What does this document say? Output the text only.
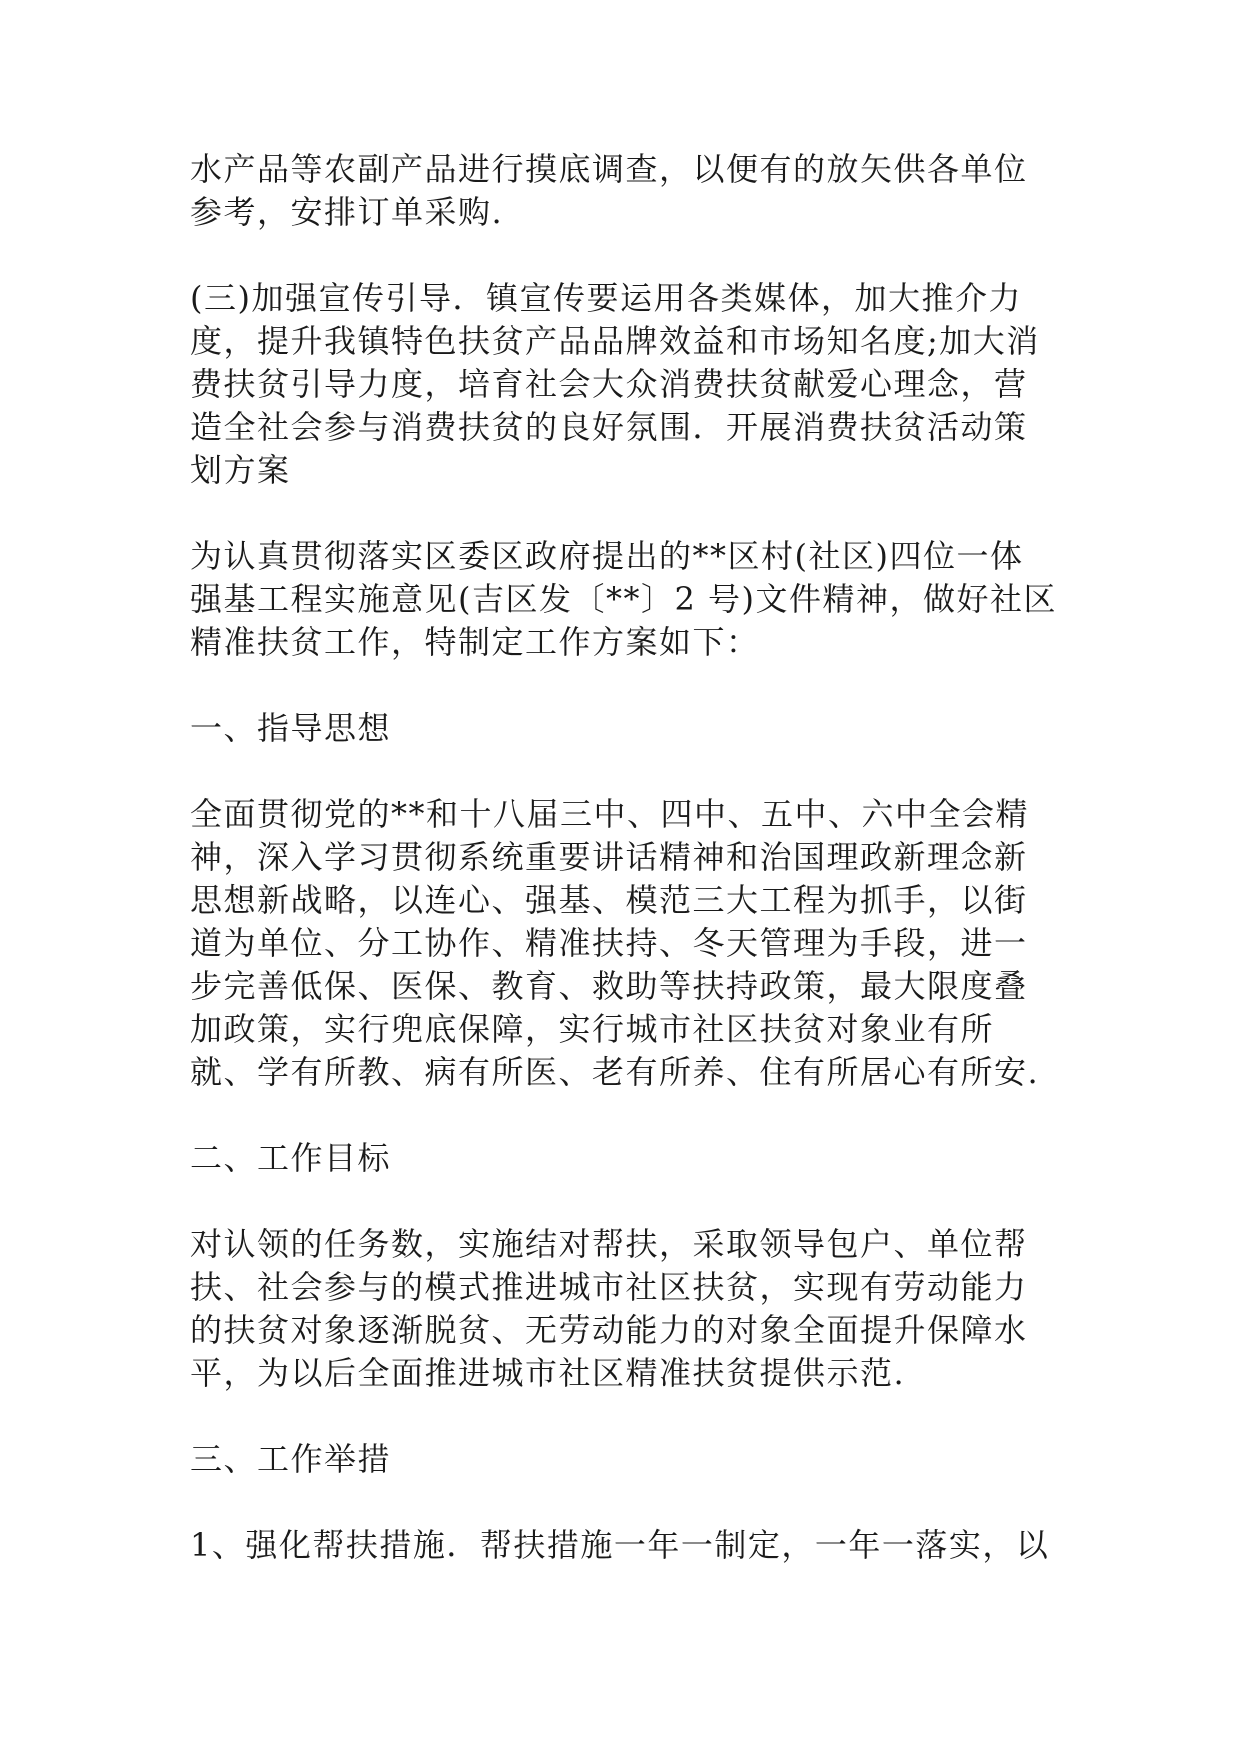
水产品等农副产品进行摸底调查，以便有的放矢供各单位
参考，安排订单采购.
(三)加强宣传引导．镇宣传要运用各类媒体，加大推介力
度，提升我镇特色扶贫产品品牌效益和市场知名度;加大消
费扶贫引导力度，培育社会大众消费扶贫献爱心理念，营
造全社会参与消费扶贫的良好氛围．开展消费扶贫活动策
划方案
为认真贯彻落实区委区政府提出的**区村(社区)四位一体
强基工程实施意见(吉区发〔**〕2 号)文件精神，做好社区
精准扶贫工作，特制定工作方案如下：
一、指导思想
全面贯彻党的**和十八届三中、四中、五中、六中全会精
神，深入学习贯彻系统重要讲话精神和治国理政新理念新
思想新战略，以连心、强基、模范三大工程为抓手，以街
道为单位、分工协作、精准扶持、冬天管理为手段，进一
步完善低保、医保、教育、救助等扶持政策，最大限度叠
加政策，实行兜底保障，实行城市社区扶贫对象业有所
就、学有所教、病有所医、老有所养、住有所居心有所安.
二、工作目标
对认领的任务数，实施结对帮扶，采取领导包户、单位帮
扶、社会参与的模式推进城市社区扶贫，实现有劳动能力
的扶贫对象逐渐脱贫、无劳动能力的对象全面提升保障水
平，为以后全面推进城市社区精准扶贫提供示范.
三、工作举措
1、强化帮扶措施．帮扶措施一年一制定，一年一落实，以
